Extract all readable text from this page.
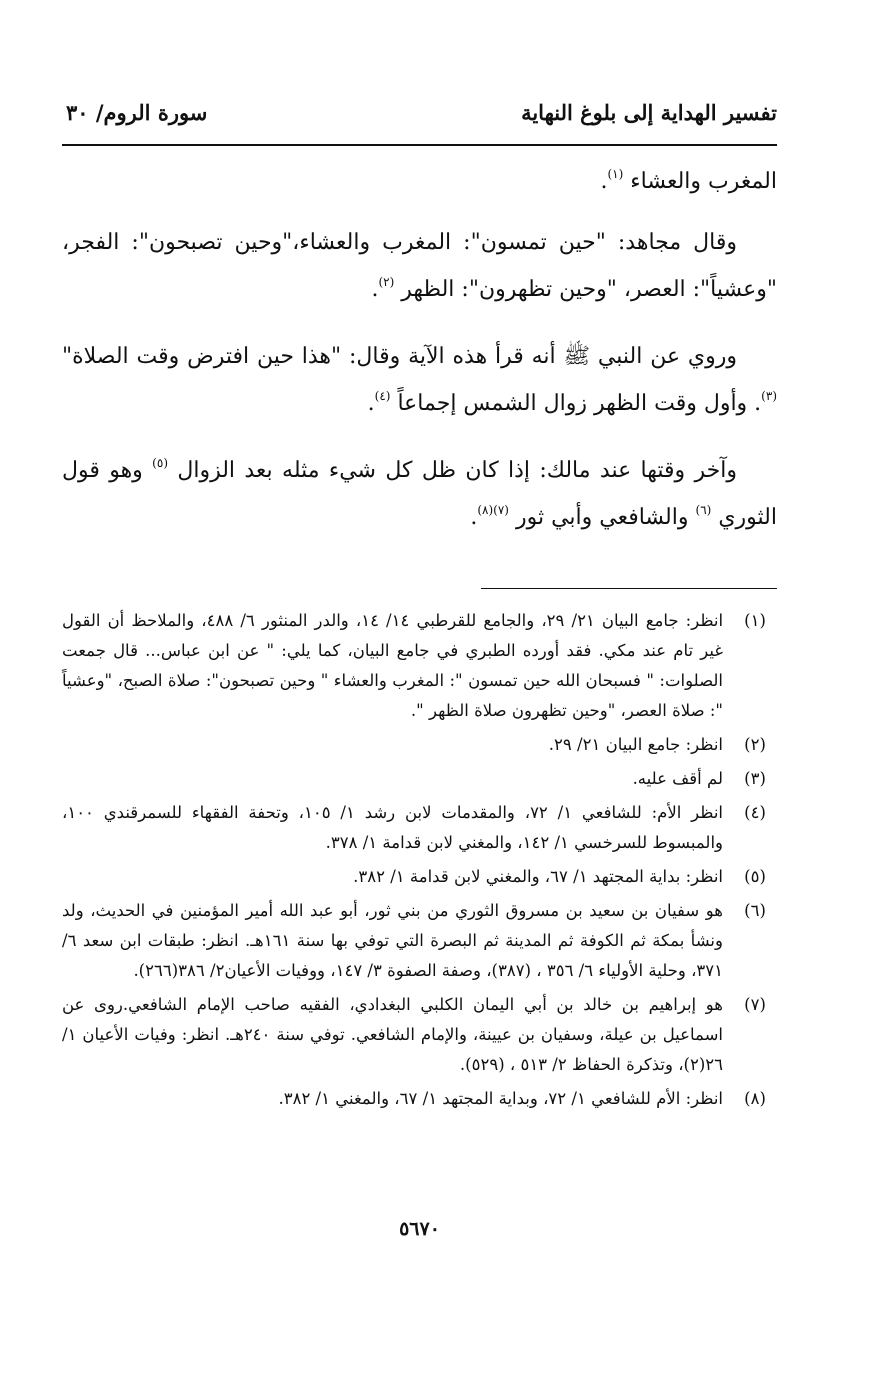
تفسير الهداية إلى بلوغ النهاية
سورة الروم/ ٣٠

المغرب والعشاء $^{(١)}$.

وقال مجاهد: "حين تمسون": المغرب والعشاء،"وحين تصبحون": الفجر، "وعشياً": العصر، "وحين تظهرون": الظهر $^{(٢)}$.

وروي عن النبي ﷺ أنه قرأ هذه الآية وقال: "هذا حين افترض وقت الصلاة"$^{(٣)}$. وأول وقت الظهر زوال الشمس إجماعاً $^{(٤)}$.

وآخر وقتها عند مالك: إذا كان ظل كل شيء مثله بعد الزوال $^{(٥)}$ وهو قول الثوري $^{(٦)}$ والشافعي وأبي ثور $^{(٧)(٨)}$.

(١)
انظر: جامع البيان ٢١/ ٢٩، والجامع للقرطبي ١٤/ ١٤، والدر المنثور ٦/ ٤٨٨، والملاحظ أن القول غير تام عند مكي. فقد أورده الطبري في جامع البيان، كما يلي: " عن ابن عباس... قال جمعت الصلوات: " فسبحان الله حين تمسون ": المغرب والعشاء " وحين تصبحون": صلاة الصبح، "وعشياً ": صلاة العصر، "وحين تظهرون صلاة الظهر ".
(٢)
انظر: جامع البيان ٢١/ ٢٩.
(٣)
لم أقف عليه.
(٤)
انظر الأم: للشافعي ١/ ٧٢، والمقدمات لابن رشد ١/ ١٠٥، وتحفة الفقهاء للسمرقندي ١٠٠، والمبسوط للسرخسي ١/ ١٤٢، والمغني لابن قدامة ١/ ٣٧٨.
(٥)
انظر: بداية المجتهد ١/ ٦٧، والمغني لابن قدامة ١/ ٣٨٢.
(٦)
هو سفيان بن سعيد بن مسروق الثوري من بني ثور، أبو عبد الله أمير المؤمنين في الحديث، ولد ونشأ بمكة ثم الكوفة ثم المدينة ثم البصرة التي توفي بها سنة ١٦١هـ. انظر: طبقات ابن سعد ٦/ ٣٧١، وحلية الأولياء ٦/ ٣٥٦ ، (٣٨٧)، وصفة الصفوة ٣/ ١٤٧، ووفيات الأعيان٢/ ٣٨٦(٢٦٦).
(٧)
هو إبراهيم بن خالد بن أبي اليمان الكلبي البغدادي، الفقيه صاحب الإمام الشافعي.روى عن اسماعيل بن عيلة، وسفيان بن عيينة، والإمام الشافعي. توفي سنة ٢٤٠هـ. انظر: وفيات الأعيان ١/ ٢٦(٢)، وتذكرة الحفاظ ٢/ ٥١٣ ، (٥٢٩).
(٨)
انظر: الأم للشافعي ١/ ٧٢، وبداية المجتهد ١/ ٦٧، والمغني ١/ ٣٨٢.
٥٦٧٠
